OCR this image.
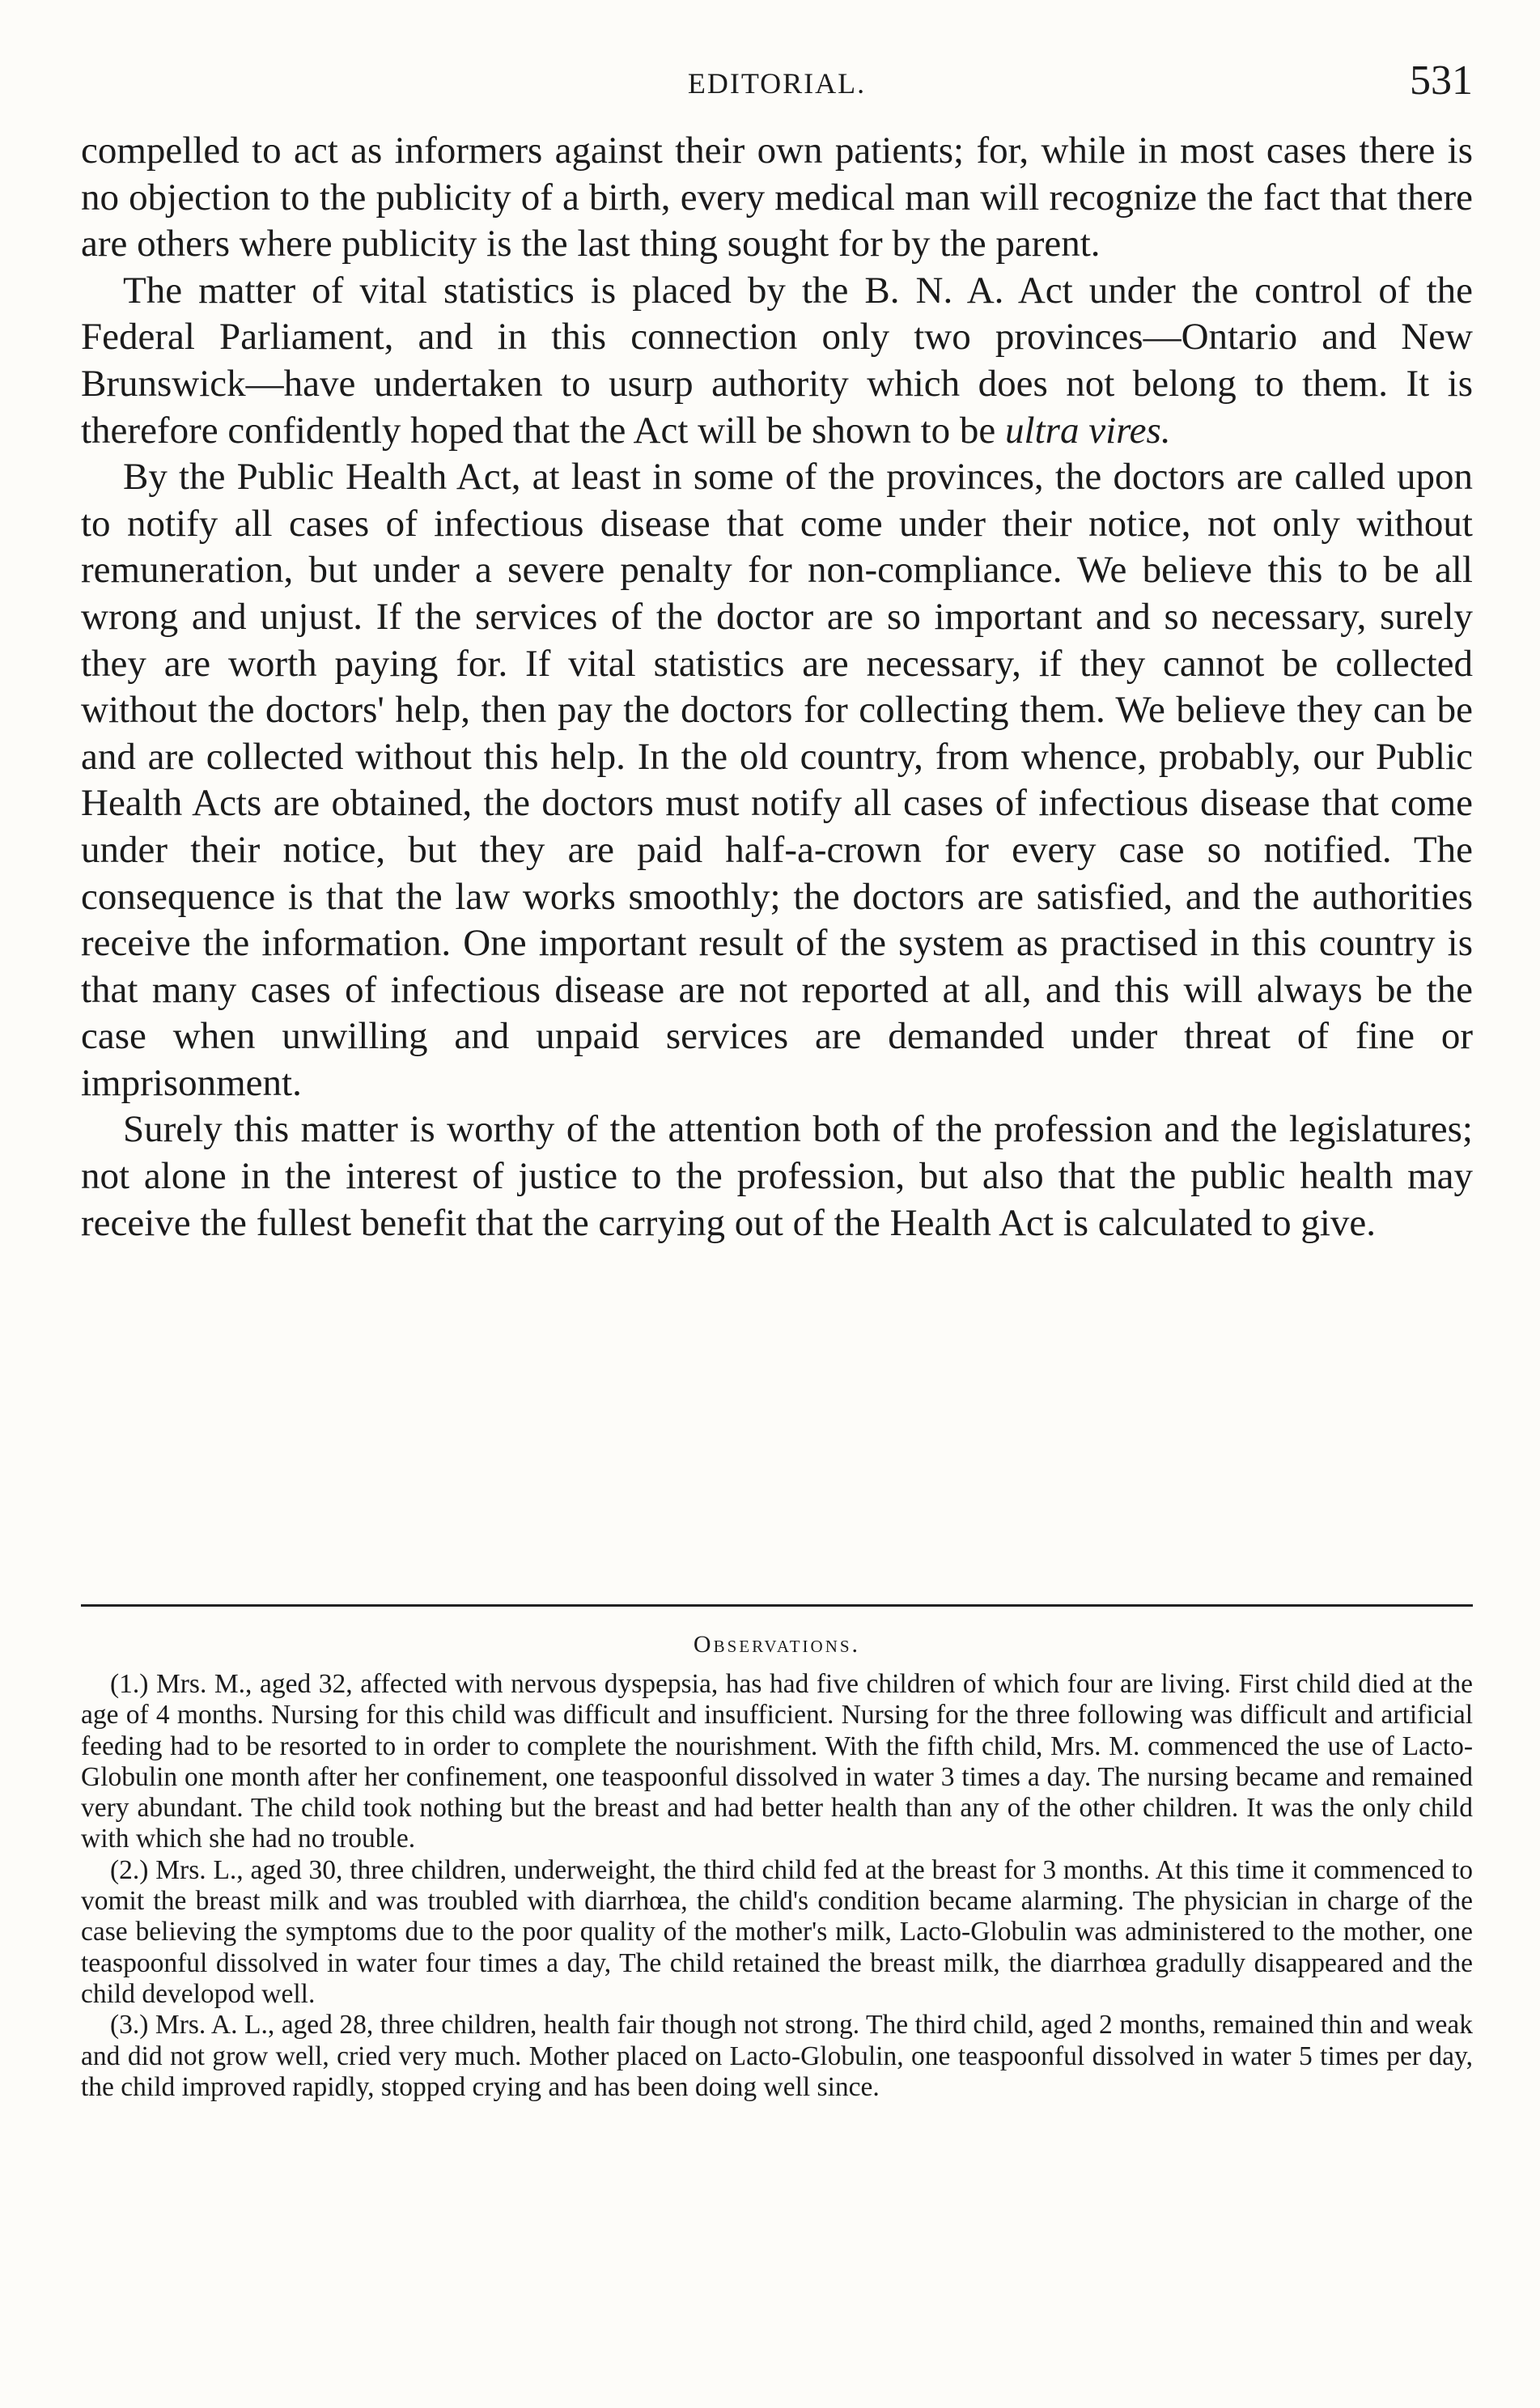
EDITORIAL.	531

compelled to act as informers against their own patients; for, while in most cases there is no objection to the publicity of a birth, every medical man will recognize the fact that there are others where publicity is the last thing sought for by the parent.

The matter of vital statistics is placed by the B. N. A. Act under the control of the Federal Parliament, and in this connection only two provinces—Ontario and New Brunswick—have undertaken to usurp authority which does not belong to them. It is therefore confidently hoped that the Act will be shown to be ultra vires.

By the Public Health Act, at least in some of the provinces, the doctors are called upon to notify all cases of infectious disease that come under their notice, not only without remuneration, but under a severe penalty for non-compliance. We believe this to be all wrong and unjust. If the services of the doctor are so important and so necessary, surely they are worth paying for. If vital statistics are necessary, if they cannot be collected without the doctors' help, then pay the doctors for collecting them. We believe they can be and are collected without this help. In the old country, from whence, probably, our Public Health Acts are obtained, the doctors must notify all cases of infectious disease that come under their notice, but they are paid half-a-crown for every case so notified. The consequence is that the law works smoothly; the doctors are satisfied, and the authorities receive the information. One important result of the system as practised in this country is that many cases of infectious disease are not reported at all, and this will always be the case when unwilling and unpaid services are demanded under threat of fine or imprisonment.

Surely this matter is worthy of the attention both of the profession and the legislatures; not alone in the interest of justice to the profession, but also that the public health may receive the fullest benefit that the carrying out of the Health Act is calculated to give.

Observations.

(1.) Mrs. M., aged 32, affected with nervous dyspepsia, has had five children of which four are living. First child died at the age of 4 months. Nursing for this child was difficult and insufficient. Nursing for the three following was difficult and artificial feeding had to be resorted to in order to complete the nourishment. With the fifth child, Mrs. M. commenced the use of Lacto-Globulin one month after her confinement, one teaspoonful dissolved in water 3 times a day. The nursing became and remained very abundant. The child took nothing but the breast and had better health than any of the other children. It was the only child with which she had no trouble.

(2.) Mrs. L., aged 30, three children, underweight, the third child fed at the breast for 3 months. At this time it commenced to vomit the breast milk and was troubled with diarrhœa, the child's condition became alarming. The physician in charge of the case believing the symptoms due to the poor quality of the mother's milk, Lacto-Globulin was administered to the mother, one teaspoonful dissolved in water four times a day, The child retained the breast milk, the diarrhœa gradully disappeared and the child developod well.

(3.) Mrs. A. L., aged 28, three children, health fair though not strong. The third child, aged 2 months, remained thin and weak and did not grow well, cried very much. Mother placed on Lacto-Globulin, one teaspoonful dissolved in water 5 times per day, the child improved rapidly, stopped crying and has been doing well since.
